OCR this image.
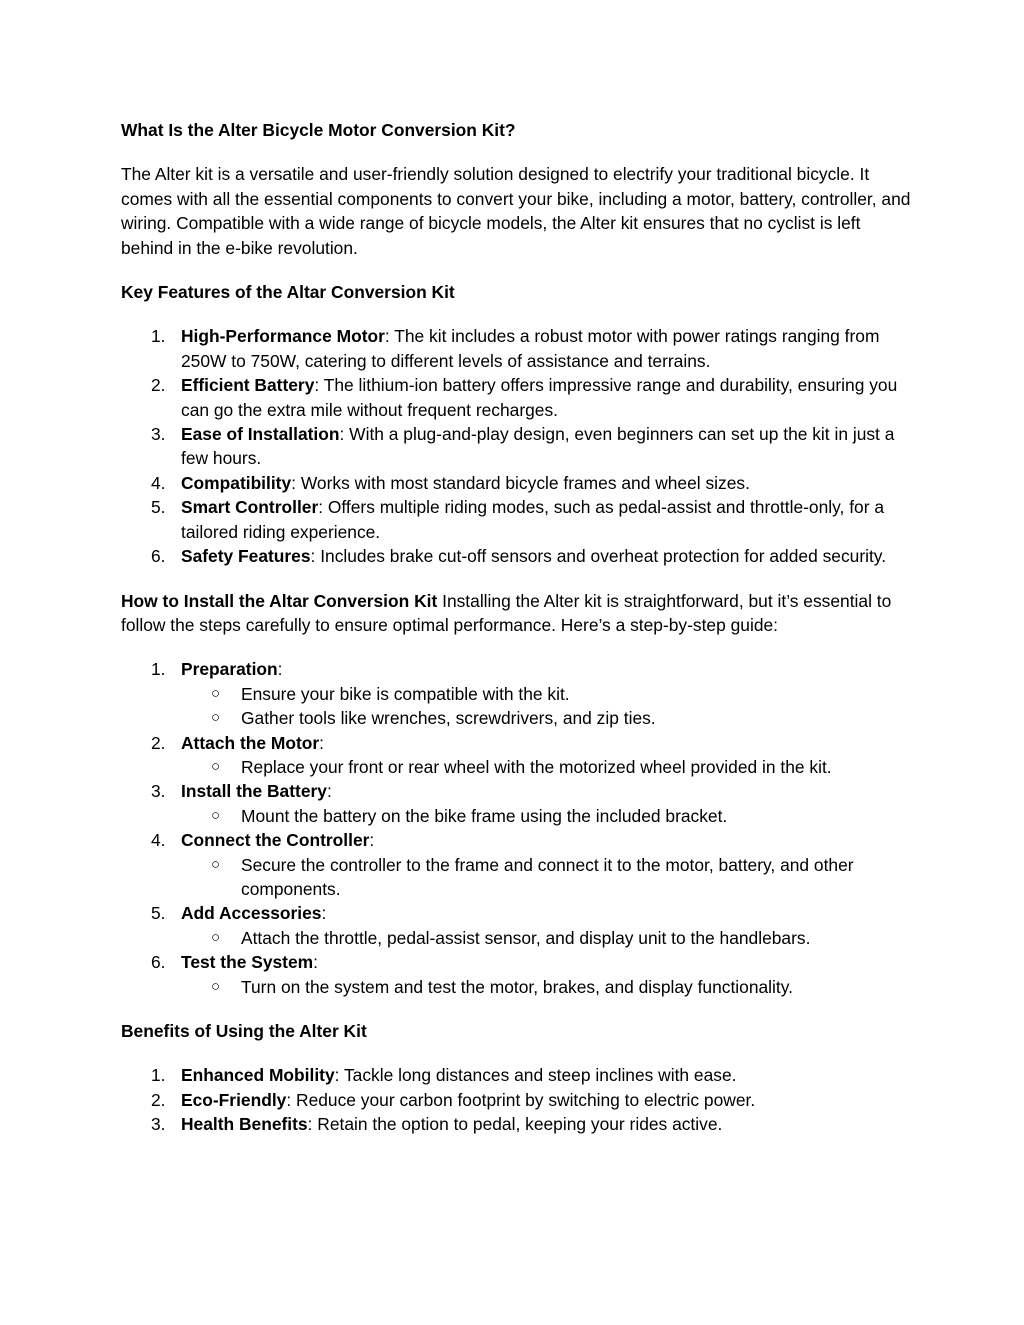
What Is the Alter Bicycle Motor Conversion Kit?

The Alter kit is a versatile and user-friendly solution designed to electrify your traditional bicycle. It comes with all the essential components to convert your bike, including a motor, battery, controller, and wiring. Compatible with a wide range of bicycle models, the Alter kit ensures that no cyclist is left behind in the e-bike revolution.

Key Features of the Altar Conversion Kit

1. High-Performance Motor: The kit includes a robust motor with power ratings ranging from 250W to 750W, catering to different levels of assistance and terrains.
2. Efficient Battery: The lithium-ion battery offers impressive range and durability, ensuring you can go the extra mile without frequent recharges.
3. Ease of Installation: With a plug-and-play design, even beginners can set up the kit in just a few hours.
4. Compatibility: Works with most standard bicycle frames and wheel sizes.
5. Smart Controller: Offers multiple riding modes, such as pedal-assist and throttle-only, for a tailored riding experience.
6. Safety Features: Includes brake cut-off sensors and overheat protection for added security.

How to Install the Altar Conversion Kit Installing the Alter kit is straightforward, but it’s essential to follow the steps carefully to ensure optimal performance. Here’s a step-by-step guide:

1. Preparation:
○ Ensure your bike is compatible with the kit.
○ Gather tools like wrenches, screwdrivers, and zip ties.
2. Attach the Motor:
○ Replace your front or rear wheel with the motorized wheel provided in the kit.
3. Install the Battery:
○ Mount the battery on the bike frame using the included bracket.
4. Connect the Controller:
○ Secure the controller to the frame and connect it to the motor, battery, and other components.
5. Add Accessories:
○ Attach the throttle, pedal-assist sensor, and display unit to the handlebars.
6. Test the System:
○ Turn on the system and test the motor, brakes, and display functionality.

Benefits of Using the Alter Kit

1. Enhanced Mobility: Tackle long distances and steep inclines with ease.
2. Eco-Friendly: Reduce your carbon footprint by switching to electric power.
3. Health Benefits: Retain the option to pedal, keeping your rides active.
